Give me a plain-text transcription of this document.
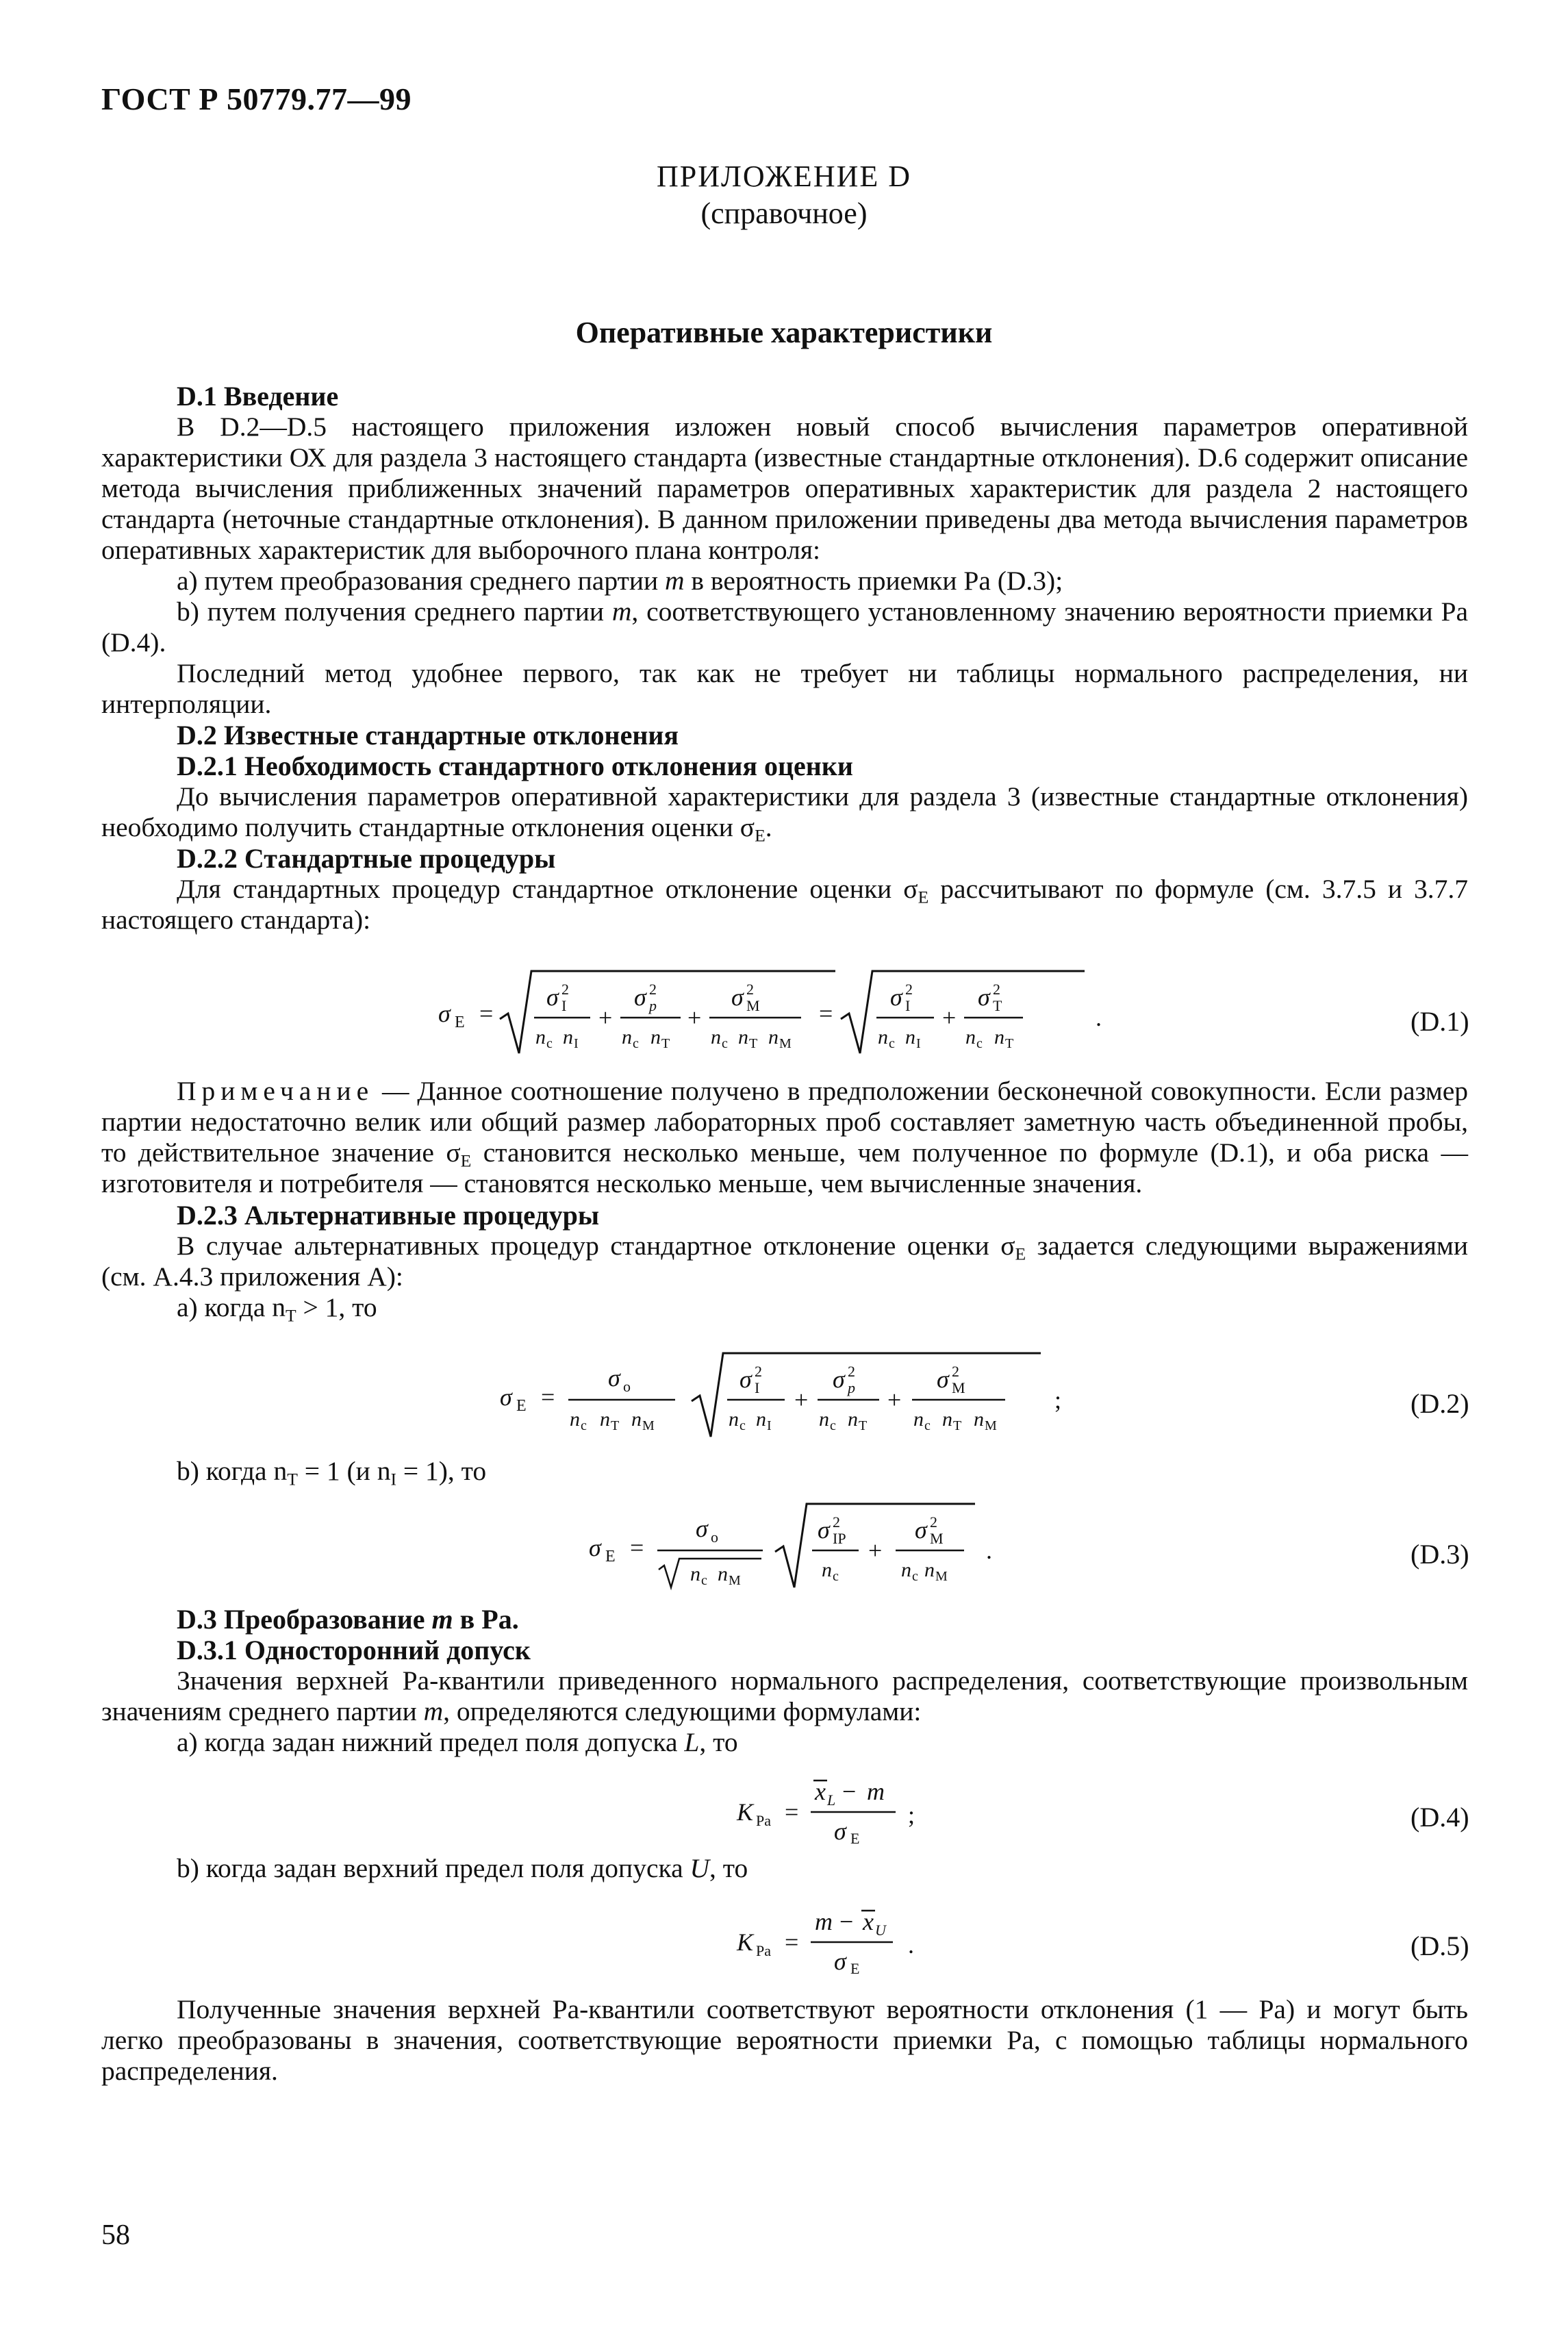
ГОСТ Р 50779.77—99
ПРИЛОЖЕНИЕ D
(справочное)
Оперативные характеристики
D.1 Введение
В D.2—D.5 настоящего приложения изложен новый способ вычисления параметров оперативной характеристики ОХ для раздела 3 настоящего стандарта (известные стандартные отклонения). D.6 содержит описание метода вычисления приближенных значений параметров оперативных характеристик для раздела 2 настоящего стандарта (неточные стандартные отклонения). В данном приложении приведены два метода вычисления параметров оперативных характеристик для выборочного плана контроля:
а) путем преобразования среднего партии m в вероятность приемки Pa (D.3);
b) путем получения среднего партии m, соответствующего установленному значению вероятности приемки Pa (D.4).
Последний метод удобнее первого, так как не требует ни таблицы нормального распределения, ни интерполяции.
D.2 Известные стандартные отклонения
D.2.1 Необходимость стандартного отклонения оценки
До вычисления параметров оперативной характеристики для раздела 3 (известные стандартные отклонения) необходимо получить стандартные отклонения оценки $\sigma_E$.
D.2.2 Стандартные процедуры
Для стандартных процедур стандартное отклонение оценки $\sigma_E$ рассчитывают по формуле (см. 3.7.5 и 3.7.7 настоящего стандарта):
σ E =
σ 2
I
n c n I
+
σ 2
p
n c n T
+
σ 2
M
n c n T n M
=
σ 2
I
n c n I
+
σ 2
T
n c n T
.	(D.1)
Примечание — Данное соотношение получено в предположении бесконечной совокупности. Если размер партии недостаточно велик или общий размер лабораторных проб составляет заметную часть объединенной пробы, то действительное значение $\sigma_E$ становится несколько меньше, чем полученное по формуле (D.1), и оба риска — изготовителя и потребителя — становятся несколько меньше, чем вычисленные значения.
D.2.3 Альтернативные процедуры
В случае альтернативных процедур стандартное отклонение оценки $\sigma_E$ задается следующими выражениями (см. А.4.3 приложения А):
а) когда $n_T > 1$, то
σ E =
σ o
n c n T n M
σ 2
I
n c n I
+
σ 2
p
n c n T
+
σ 2
M
n c n T n M
;	(D.2)
b) когда $n_T = 1$ (и $n_I = 1$), то
σ E =
σ o
n c n M
σ 2
IP
n c
+
σ 2
M
n c n M
.	(D.3)
D.3 Преобразование m в Pa.
D.3.1 Односторонний допуск
Значения верхней Pa-квантили приведенного нормального распределения, соответствующие произвольным значениям среднего партии m, определяются следующими формулами:
а) когда задан нижний предел поля допуска L, то
K Pa =
x L − m
σ E
;	(D.4)
b) когда задан верхний предел поля допуска U, то
K Pa =
m − x U
σ E
.	(D.5)
Полученные значения верхней Pa-квантили соответствуют вероятности отклонения (1 — Pa) и могут быть легко преобразованы в значения, соответствующие вероятности приемки Pa, с помощью таблицы нормального распределения.
58
